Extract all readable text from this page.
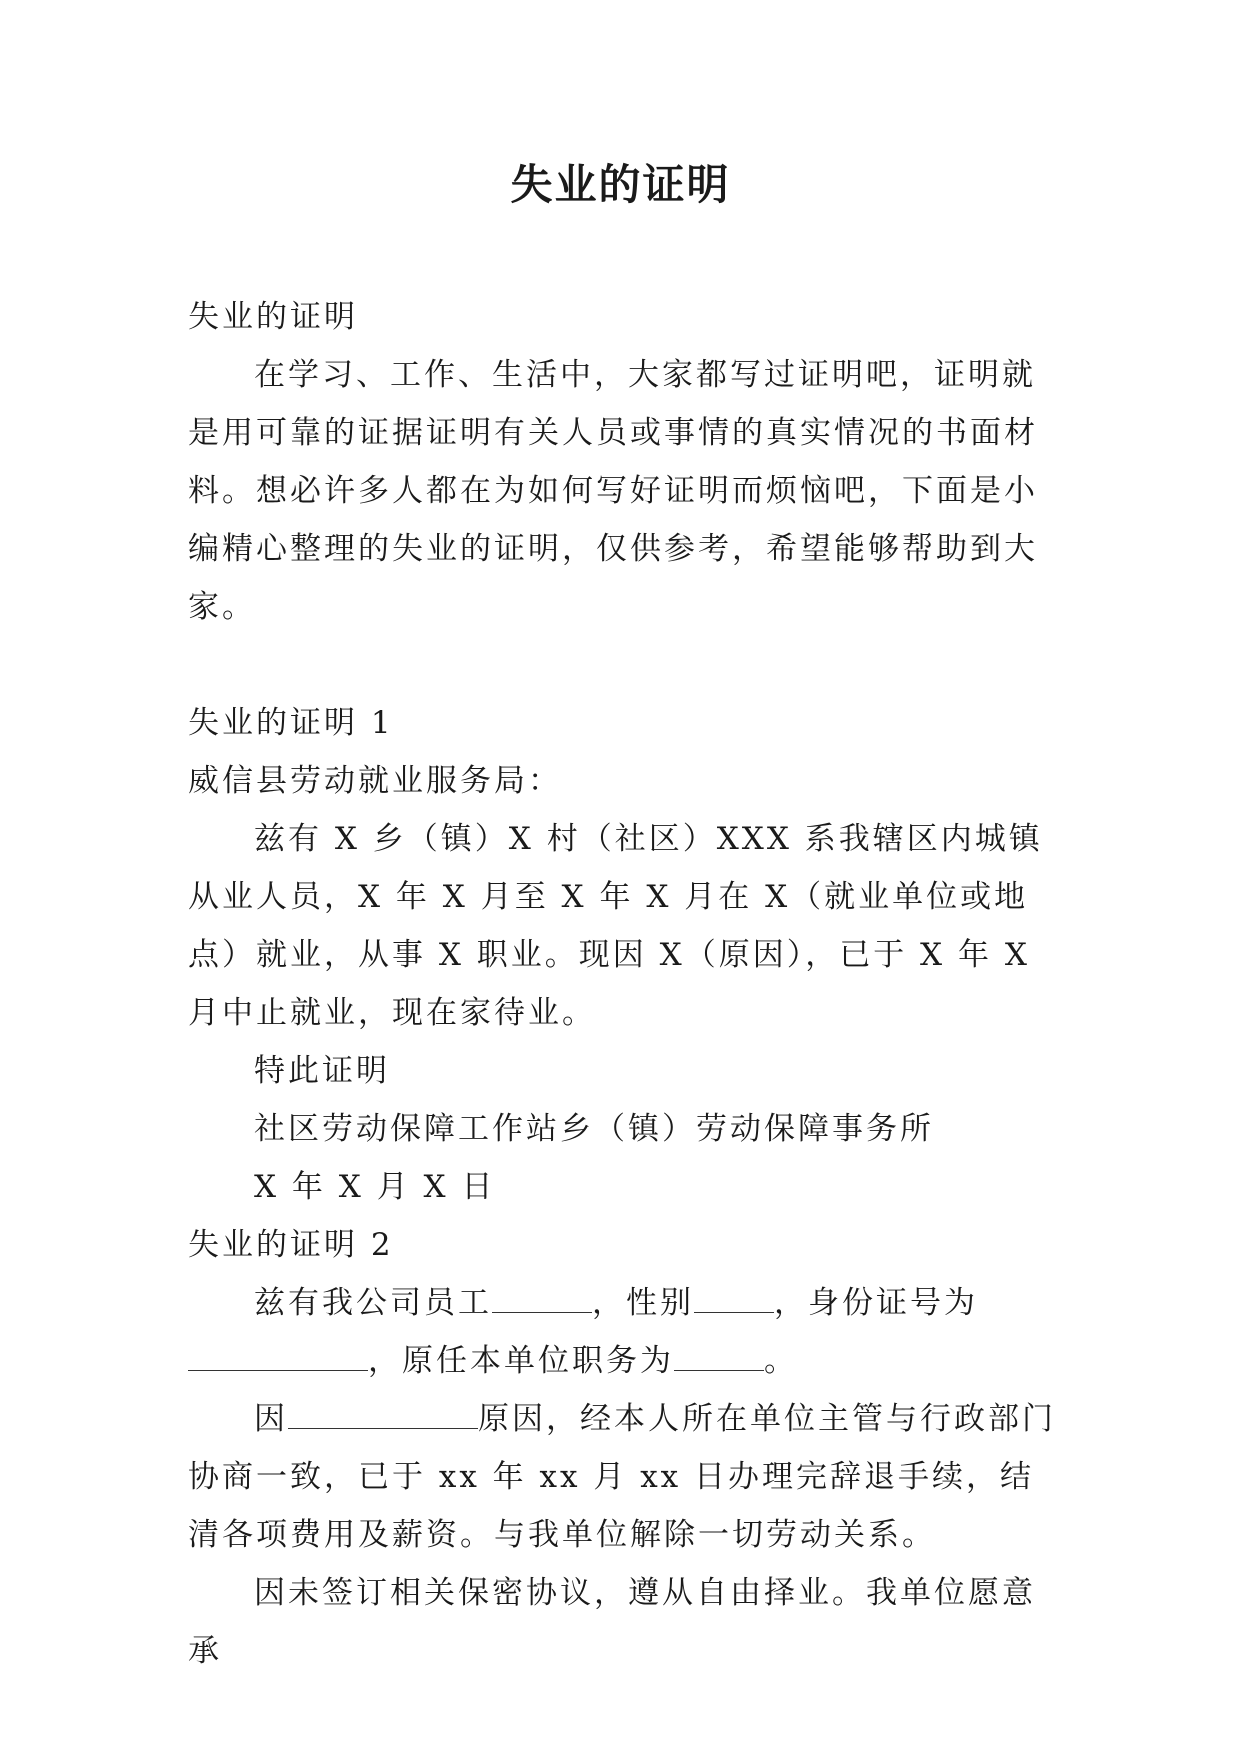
失业的证明

失业的证明

在学习、工作、生活中，大家都写过证明吧，证明就是用可靠的证据证明有关人员或事情的真实情况的书面材料。想必许多人都在为如何写好证明而烦恼吧，下面是小编精心整理的失业的证明，仅供参考，希望能够帮助到大家。

失业的证明 1

威信县劳动就业服务局：

兹有 X 乡（镇）X 村（社区）XXX 系我辖区内城镇从业人员，X 年 X 月至 X 年 X 月在 X（就业单位或地点）就业，从事 X 职业。现因 X（原因），已于 X 年 X 月中止就业，现在家待业。

特此证明

社区劳动保障工作站乡（镇）劳动保障事务所

X 年 X 月 X 日

失业的证明 2

兹有我公司员工	，性别	，身份证号为，原任本单位职务为	。

因	原因，经本人所在单位主管与行政部门协商一致，已于 xx 年 xx 月 xx 日办理完辞退手续，结清各项费用及薪资。与我单位解除一切劳动关系。

因未签订相关保密协议，遵从自由择业。我单位愿意承
